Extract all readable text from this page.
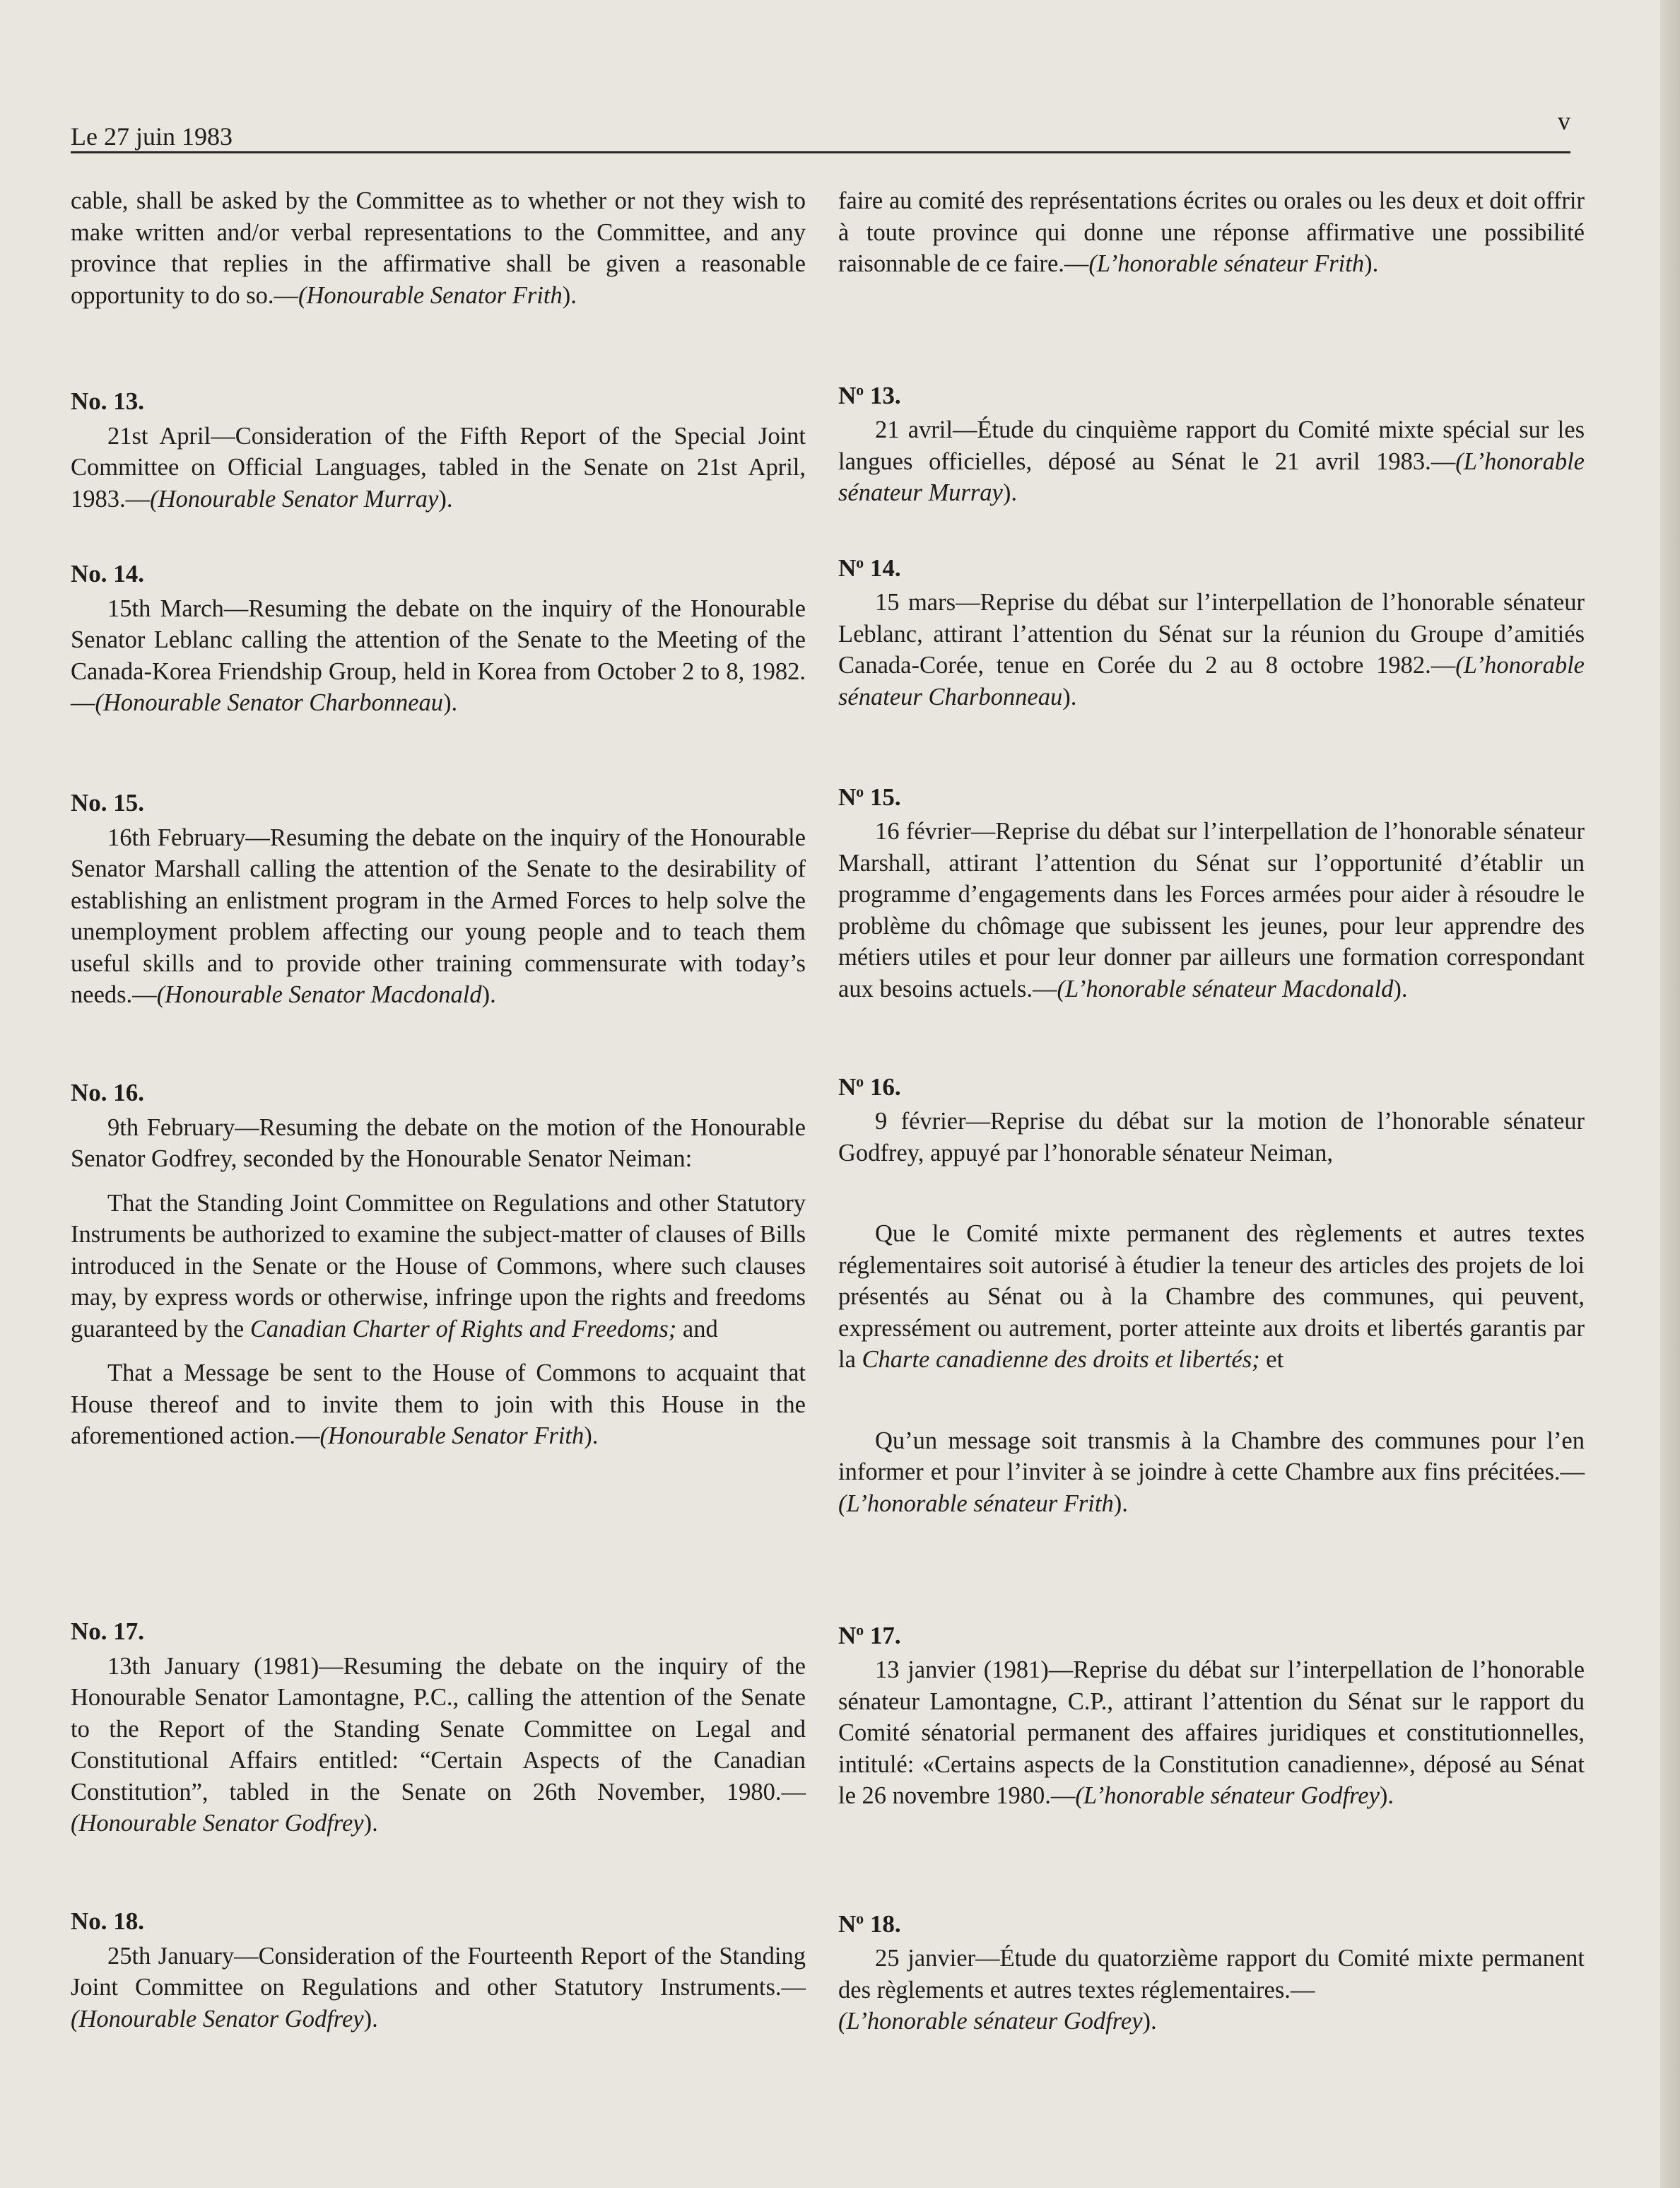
Le 27 juin 1983
v

cable, shall be asked by the Committee as to whether or not they wish to make written and/or verbal representations to the Committee, and any province that replies in the affirmative shall be given a reasonable opportunity to do so.—(Honourable Senator Frith).

No. 13.

21st April—Consideration of the Fifth Report of the Special Joint Committee on Official Languages, tabled in the Senate on 21st April, 1983.—(Honourable Senator Murray).

No. 14.

15th March—Resuming the debate on the inquiry of the Honourable Senator Leblanc calling the attention of the Senate to the Meeting of the Canada-Korea Friendship Group, held in Korea from October 2 to 8, 1982.—(Honourable Senator Charbonneau).

No. 15.

16th February—Resuming the debate on the inquiry of the Honourable Senator Marshall calling the attention of the Senate to the desirability of establishing an enlistment program in the Armed Forces to help solve the unemployment problem affecting our young people and to teach them useful skills and to provide other training commensurate with today’s needs.—(Honourable Senator Macdonald).

No. 16.

9th February—Resuming the debate on the motion of the Honourable Senator Godfrey, seconded by the Honourable Senator Neiman:

That the Standing Joint Committee on Regulations and other Statutory Instruments be authorized to examine the subject-matter of clauses of Bills introduced in the Senate or the House of Commons, where such clauses may, by express words or otherwise, infringe upon the rights and freedoms guaranteed by the Canadian Charter of Rights and Freedoms; and

That a Message be sent to the House of Commons to acquaint that House thereof and to invite them to join with this House in the aforementioned action.—(Honourable Senator Frith).

No. 17.

13th January (1981)—Resuming the debate on the inquiry of the Honourable Senator Lamontagne, P.C., calling the attention of the Senate to the Report of the Standing Senate Committee on Legal and Constitutional Affairs entitled: “Certain Aspects of the Canadian Constitution”, tabled in the Senate on 26th November, 1980.—(Honourable Senator Godfrey).

No. 18.

25th January—Consideration of the Fourteenth Report of the Standing Joint Committee on Regulations and other Statutory Instruments.—(Honourable Senator Godfrey).

faire au comité des représentations écrites ou orales ou les deux et doit offrir à toute province qui donne une réponse affirmative une possibilité raisonnable de ce faire.—(L’honorable sénateur Frith).

$N^o$ 13.

21 avril—Étude du cinquième rapport du Comité mixte spécial sur les langues officielles, déposé au Sénat le 21 avril 1983.—(L’honorable sénateur Murray).

$N^o$ 14.

15 mars—Reprise du débat sur l’interpellation de l’honorable sénateur Leblanc, attirant l’attention du Sénat sur la réunion du Groupe d’amitiés Canada-Corée, tenue en Corée du 2 au 8 octobre 1982.—(L’honorable sénateur Charbonneau).

$N^o$ 15.

16 février—Reprise du débat sur l’interpellation de l’honorable sénateur Marshall, attirant l’attention du Sénat sur l’opportunité d’établir un programme d’engagements dans les Forces armées pour aider à résoudre le problème du chômage que subissent les jeunes, pour leur apprendre des métiers utiles et pour leur donner par ailleurs une formation correspondant aux besoins actuels.—(L’honorable sénateur Macdonald).

$N^o$ 16.

9 février—Reprise du débat sur la motion de l’honorable sénateur Godfrey, appuyé par l’honorable sénateur Neiman,

Que le Comité mixte permanent des règlements et autres textes réglementaires soit autorisé à étudier la teneur des articles des projets de loi présentés au Sénat ou à la Chambre des communes, qui peuvent, expressément ou autrement, porter atteinte aux droits et libertés garantis par la Charte canadienne des droits et libertés; et

Qu’un message soit transmis à la Chambre des communes pour l’en informer et pour l’inviter à se joindre à cette Chambre aux fins précitées.—(L’honorable sénateur Frith).

$N^o$ 17.

13 janvier (1981)—Reprise du débat sur l’interpellation de l’honorable sénateur Lamontagne, C.P., attirant l’attention du Sénat sur le rapport du Comité sénatorial permanent des affaires juridiques et constitutionnelles, intitulé: «Certains aspects de la Constitution canadienne», déposé au Sénat le 26 novembre 1980.—(L’honorable sénateur Godfrey).

$N^o$ 18.

25 janvier—Étude du quatorzième rapport du Comité mixte permanent des règlements et autres textes réglementaires.—
(L’honorable sénateur Godfrey).
